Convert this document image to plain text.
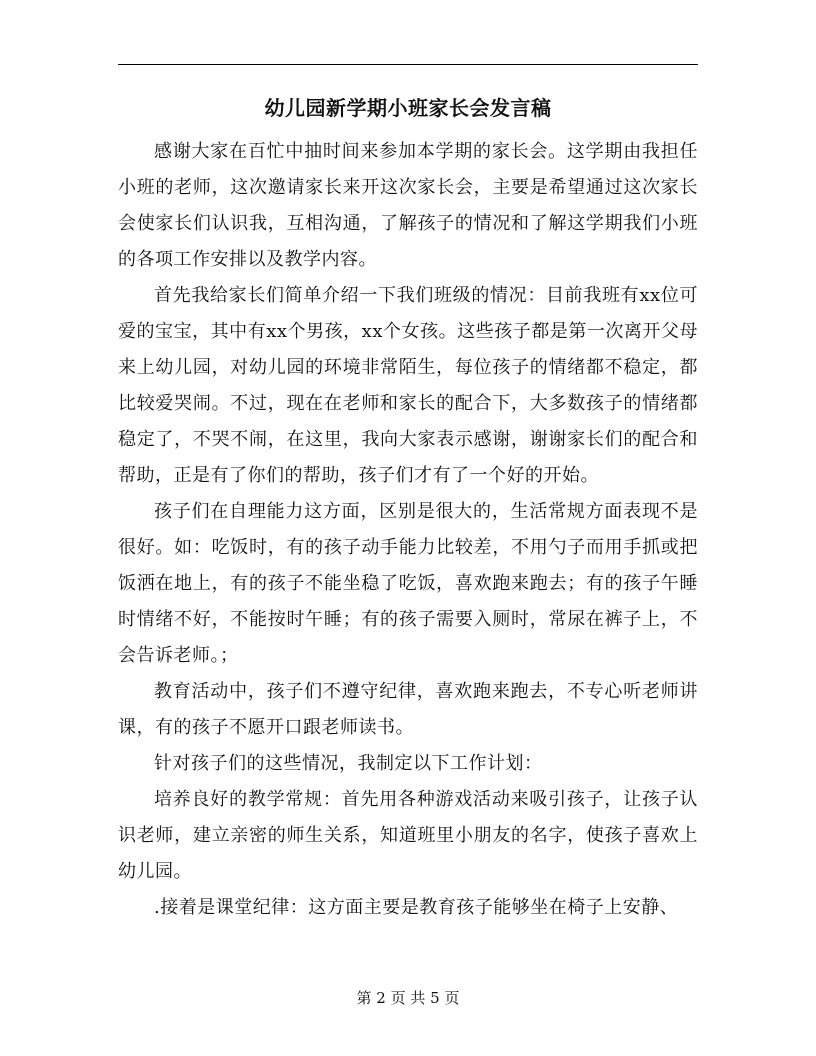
幼儿园新学期小班家长会发言稿

感谢大家在百忙中抽时间来参加本学期的家长会。这学期由我担任小班的老师，这次邀请家长来开这次家长会，主要是希望通过这次家长会使家长们认识我，互相沟通，了解孩子的情况和了解这学期我们小班的各项工作安排以及教学内容。

首先我给家长们简单介绍一下我们班级的情况：目前我班有xx位可爱的宝宝，其中有xx个男孩，xx个女孩。这些孩子都是第一次离开父母来上幼儿园，对幼儿园的环境非常陌生，每位孩子的情绪都不稳定，都比较爱哭闹。不过，现在在老师和家长的配合下，大多数孩子的情绪都稳定了，不哭不闹，在这里，我向大家表示感谢，谢谢家长们的配合和帮助，正是有了你们的帮助，孩子们才有了一个好的开始。

孩子们在自理能力这方面，区别是很大的，生活常规方面表现不是很好。如：吃饭时，有的孩子动手能力比较差，不用勺子而用手抓或把饭洒在地上，有的孩子不能坐稳了吃饭，喜欢跑来跑去；有的孩子午睡时情绪不好，不能按时午睡；有的孩子需要入厕时，常尿在裤子上，不会告诉老师。；

教育活动中，孩子们不遵守纪律，喜欢跑来跑去，不专心听老师讲课，有的孩子不愿开口跟老师读书。

针对孩子们的这些情况，我制定以下工作计划：

培养良好的教学常规：首先用各种游戏活动来吸引孩子，让孩子认识老师，建立亲密的师生关系，知道班里小朋友的名字，使孩子喜欢上幼儿园。

.接着是课堂纪律：这方面主要是教育孩子能够坐在椅子上安静、

第 2 页 共 5 页
